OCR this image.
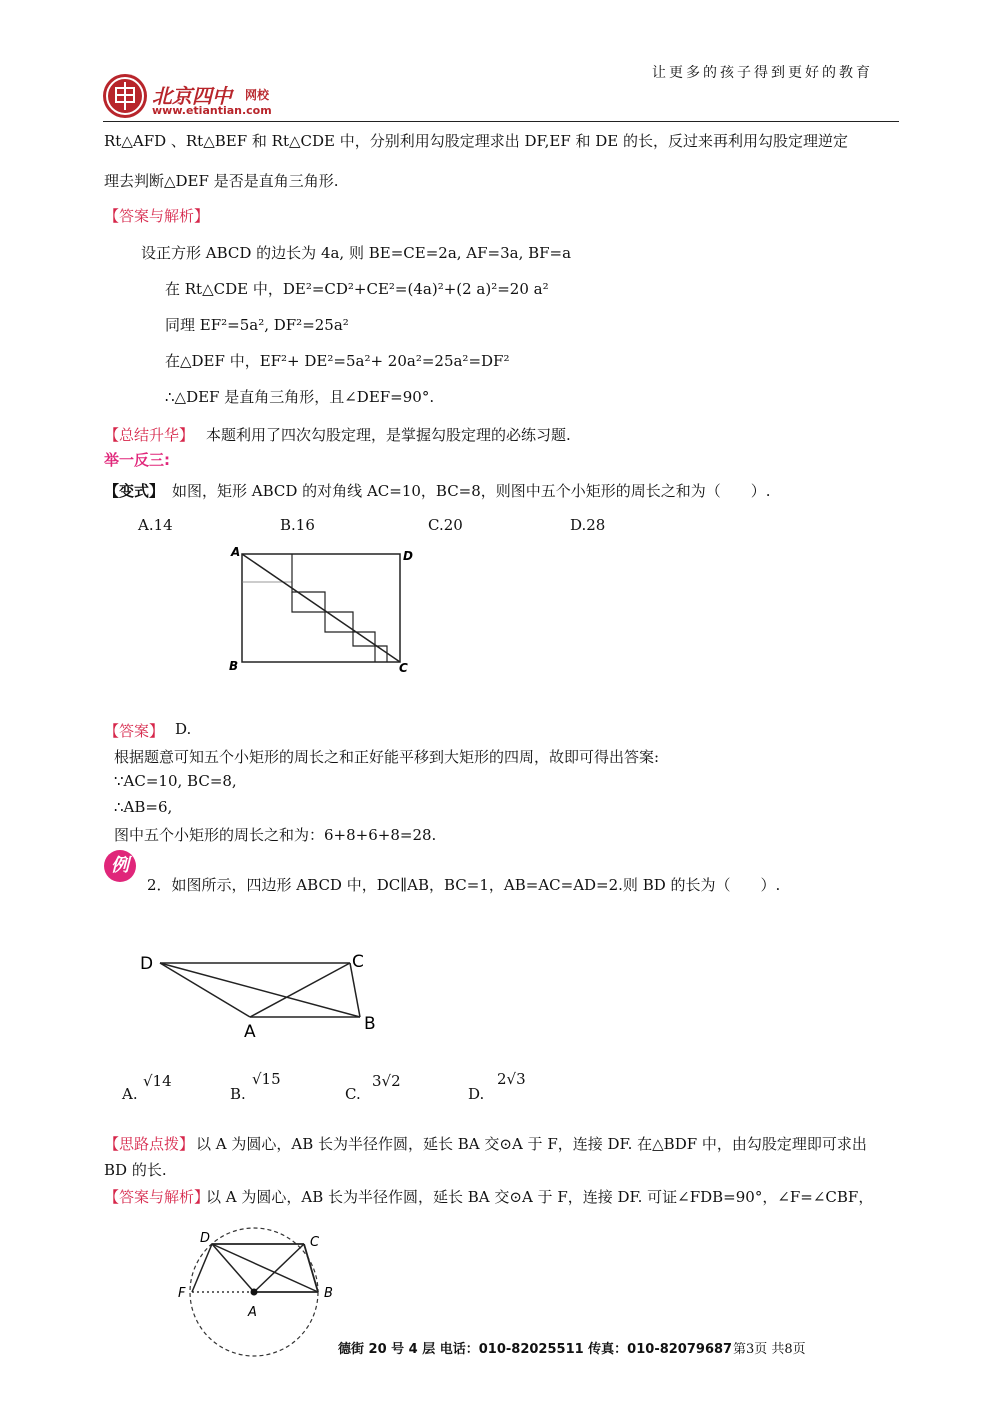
让更多的孩子得到更好的教育
北京四中 网校
www.etiantian.com
Rt△AFD 、Rt△BEF 和 Rt△CDE 中，分别利用勾股定理求出 DF,EF 和 DE 的长，反过来再利用勾股定理逆定
理去判断△DEF 是否是直角三角形.
【答案与解析】
设正方形 ABCD 的边长为 4a, 则 BE=CE=2a, AF=3a, BF=a
在 Rt△CDE 中，DE²=CD²+CE²=(4a)²+(2 a)²=20 a²
同理 EF²=5a², DF²=25a²
在△DEF 中，EF²+ DE²=5a²+ 20a²=25a²=DF²
∴△DEF 是直角三角形，且∠DEF=90°.
【总结升华】 本题利用了四次勾股定理，是掌握勾股定理的必练习题.
举一反三:
【变式】 如图，矩形 ABCD 的对角线 AC=10，BC=8，则图中五个小矩形的周长之和为（　　）.
A.14	B.16	C.20	D.28
A	D
B	C
【答案】 D.
根据题意可知五个小矩形的周长之和正好能平移到大矩形的四周，故即可得出答案:
∵AC=10, BC=8,
∴AB=6,
图中五个小矩形的周长之和为：6+8+6+8=28.
例
2．如图所示，四边形 ABCD 中，DC∥AB，BC=1，AB=AC=AD=2.则 BD 的长为（　　）.
D	C
A	B
A.
√14
B.
√15
C.
3√2
D.
2√3
【思路点拨】 以 A 为圆心，AB 长为半径作圆，延长 BA 交⊙A 于 F，连接 DF. 在△BDF 中，由勾股定理即可求出
BD 的长.
【答案与解析】
以 A 为圆心，AB 长为半径作圆，延长 BA 交⊙A 于 F，连接 DF. 可证∠FDB=90°，∠F=∠CBF，
D	C
F	B
A
德街 20 号 4 层 电话：010-82025511 传真：010-82079687 第3页 共8页
